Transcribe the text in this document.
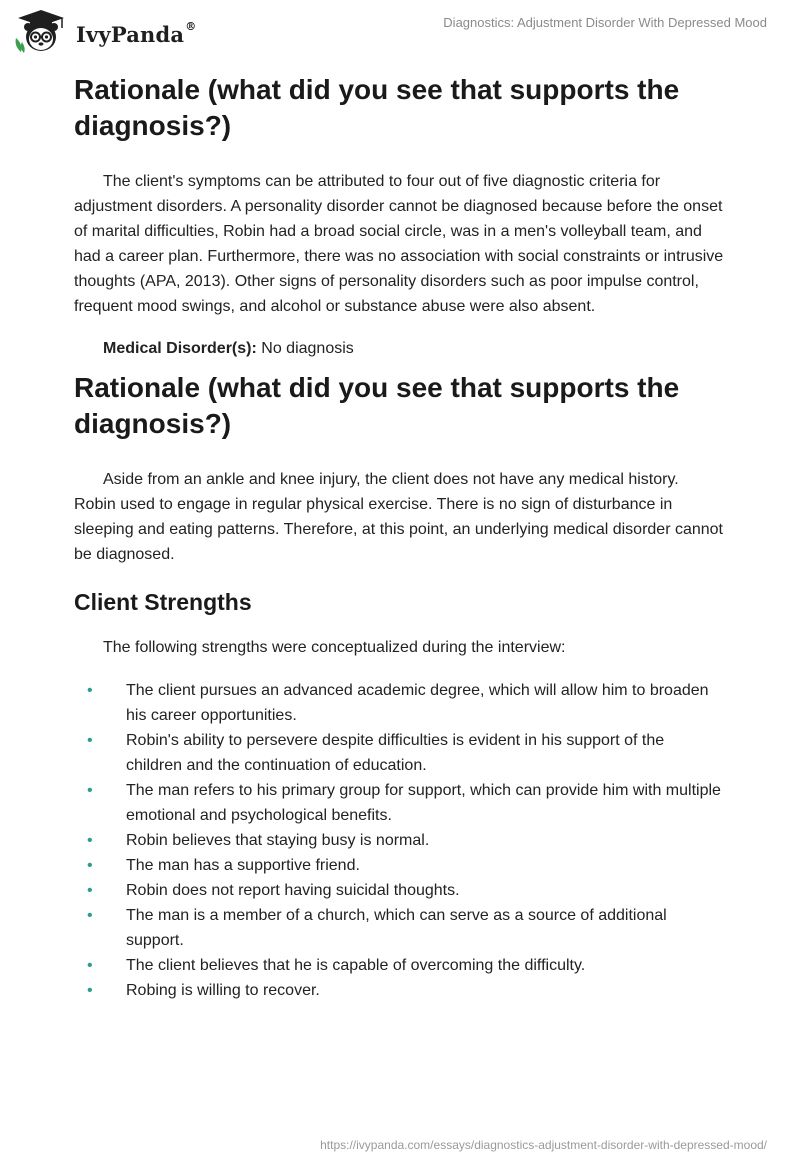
IvyPanda®	Diagnostics: Adjustment Disorder With Depressed Mood
Rationale (what did you see that supports the diagnosis?)

The client's symptoms can be attributed to four out of five diagnostic criteria for adjustment disorders. A personality disorder cannot be diagnosed because before the onset of marital difficulties, Robin had a broad social circle, was in a men's volleyball team, and had a career plan. Furthermore, there was no association with social constraints or intrusive thoughts (APA, 2013). Other signs of personality disorders such as poor impulse control, frequent mood swings, and alcohol or substance abuse were also absent.

Medical Disorder(s): No diagnosis

Rationale (what did you see that supports the diagnosis?)

Aside from an ankle and knee injury, the client does not have any medical history. Robin used to engage in regular physical exercise. There is no sign of disturbance in sleeping and eating patterns. Therefore, at this point, an underlying medical disorder cannot be diagnosed.

Client Strengths

The following strengths were conceptualized during the interview:

• The client pursues an advanced academic degree, which will allow him to broaden his career opportunities.
• Robin's ability to persevere despite difficulties is evident in his support of the children and the continuation of education.
• The man refers to his primary group for support, which can provide him with multiple emotional and psychological benefits.
• Robin believes that staying busy is normal.
• The man has a supportive friend.
• Robin does not report having suicidal thoughts.
• The man is a member of a church, which can serve as a source of additional support.
• The client believes that he is capable of overcoming the difficulty.
• Robing is willing to recover.
https://ivypanda.com/essays/diagnostics-adjustment-disorder-with-depressed-mood/
